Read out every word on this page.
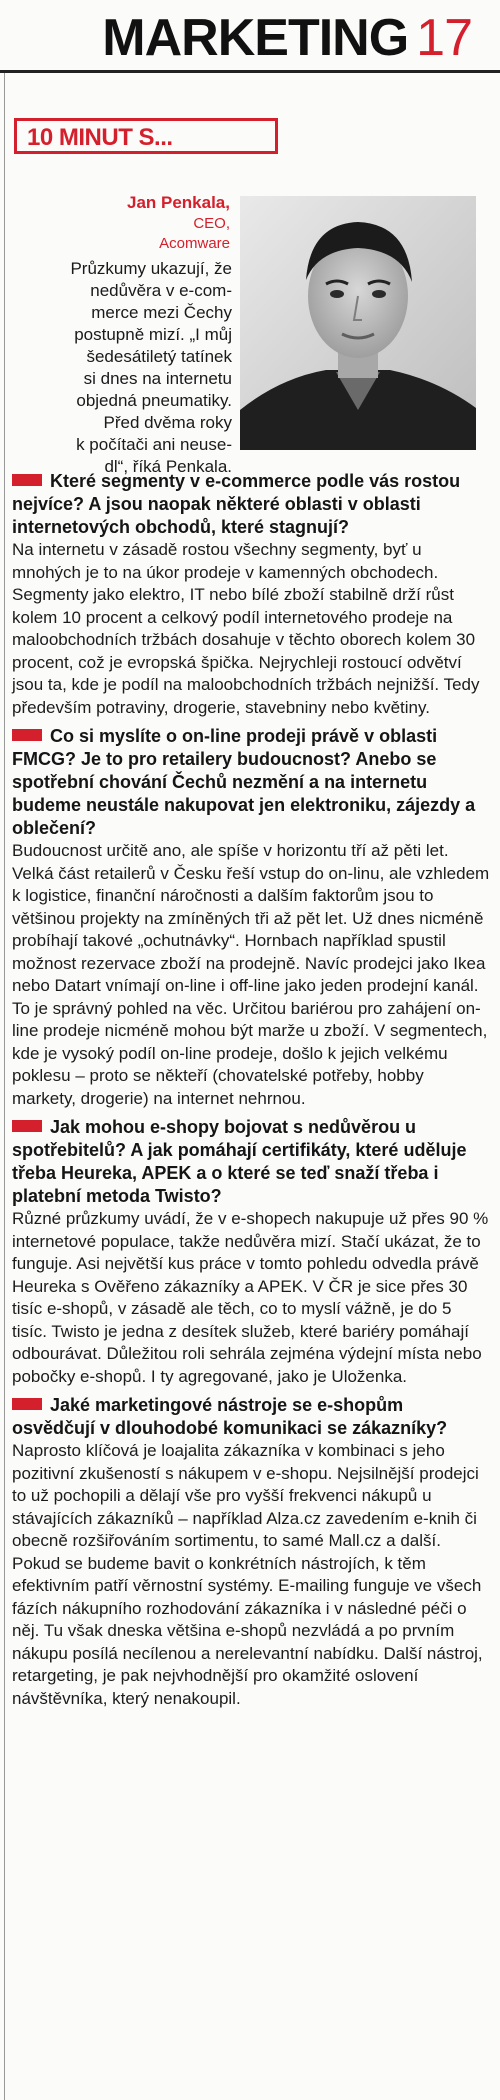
MARKETING 17
10 MINUT S...
Jan Penkala,
CEO, Acomware
Průzkumy ukazují, že
nedůvěra v e-com-
merce mezi Čechy
postupně mizí. „I můj
šedesátiletý tatínek
si dnes na internetu
objedná pneumatiky.
Před dvěma roky
k počítači ani neuse-
dl“, říká Penkala.

Které segmenty v e-commerce podle vás rostou nejvíce? A jsou naopak některé oblasti v oblasti internetových obchodů, které stagnují?

Na internetu v zásadě rostou všechny segmenty, byť u mnohých je to na úkor prodeje v kamenných obchodech. Segmenty jako elektro, IT nebo bílé zboží stabilně drží růst kolem 10 procent a celkový podíl internetového prodeje na maloobchodních tržbách dosahuje v těchto oborech kolem 30 procent, což je evropská špička. Nejrychleji rostoucí odvětví jsou ta, kde je podíl na maloobchodních tržbách nejnižší. Tedy především potraviny, drogerie, stavebniny nebo květiny.

Co si myslíte o on-line prodeji právě v oblasti FMCG? Je to pro retailery budoucnost? Anebo se spotřební chování Čechů nezmění a na internetu budeme neustále nakupovat jen elektroniku, zájezdy a oblečení?

Budoucnost určitě ano, ale spíše v horizontu tří až pěti let. Velká část retailerů v Česku řeší vstup do on-linu, ale vzhledem k logistice, finanční náročnosti a dalším faktorům jsou to většinou projekty na zmíněných tři až pět let. Už dnes nicméně probíhají takové „ochutnávky“. Hornbach například spustil možnost rezervace zboží na prodejně. Navíc prodejci jako Ikea nebo Datart vnímají on-line i off-line jako jeden prodejní kanál. To je správný pohled na věc. Určitou bariérou pro zahájení on-line prodeje nicméně mohou být marže u zboží. V segmentech, kde je vysoký podíl on-line prodeje, došlo k jejich velkému poklesu – proto se někteří (chovatelské potřeby, hobby markety, drogerie) na internet nehrnou.

Jak mohou e-shopy bojovat s nedůvěrou u spotřebitelů? A jak pomáhají certifikáty, které uděluje třeba Heureka, APEK a o které se teď snaží třeba i platební metoda Twisto?

Různé průzkumy uvádí, že v e-shopech nakupuje už přes 90 % internetové populace, takže nedůvěra mizí. Stačí ukázat, že to funguje. Asi největší kus práce v tomto pohledu odvedla právě Heureka s Ověřeno zákazníky a APEK. V ČR je sice přes 30 tisíc e-shopů, v zásadě ale těch, co to myslí vážně, je do 5 tisíc. Twisto je jedna z desítek služeb, které bariéry pomáhají odbourávat. Důležitou roli sehrála zejména výdejní místa nebo pobočky e-shopů. I ty agregované, jako je Uloženka.

Jaké marketingové nástroje se e-shopům osvědčují v dlouhodobé komunikaci se zákazníky?

Naprosto klíčová je loajalita zákazníka v kombinaci s jeho pozitivní zkušeností s nákupem v e-shopu. Nejsilnější prodejci to už pochopili a dělají vše pro vyšší frekvenci nákupů u stávajících zákazníků – například Alza.cz zavedením e-knih či obecně rozšiřováním sortimentu, to samé Mall.cz a další. Pokud se budeme bavit o konkrétních nástrojích, k těm efektivním patří věrnostní systémy. E-mailing funguje ve všech fázích nákupního rozhodování zákazníka i v následné péči o něj. Tu však dneska většina e-shopů nezvládá a po prvním nákupu posílá necílenou a nerelevantní nabídku. Další nástroj, retargeting, je pak nejvhodnější pro okamžité oslovení návštěvníka, který nenakoupil.
